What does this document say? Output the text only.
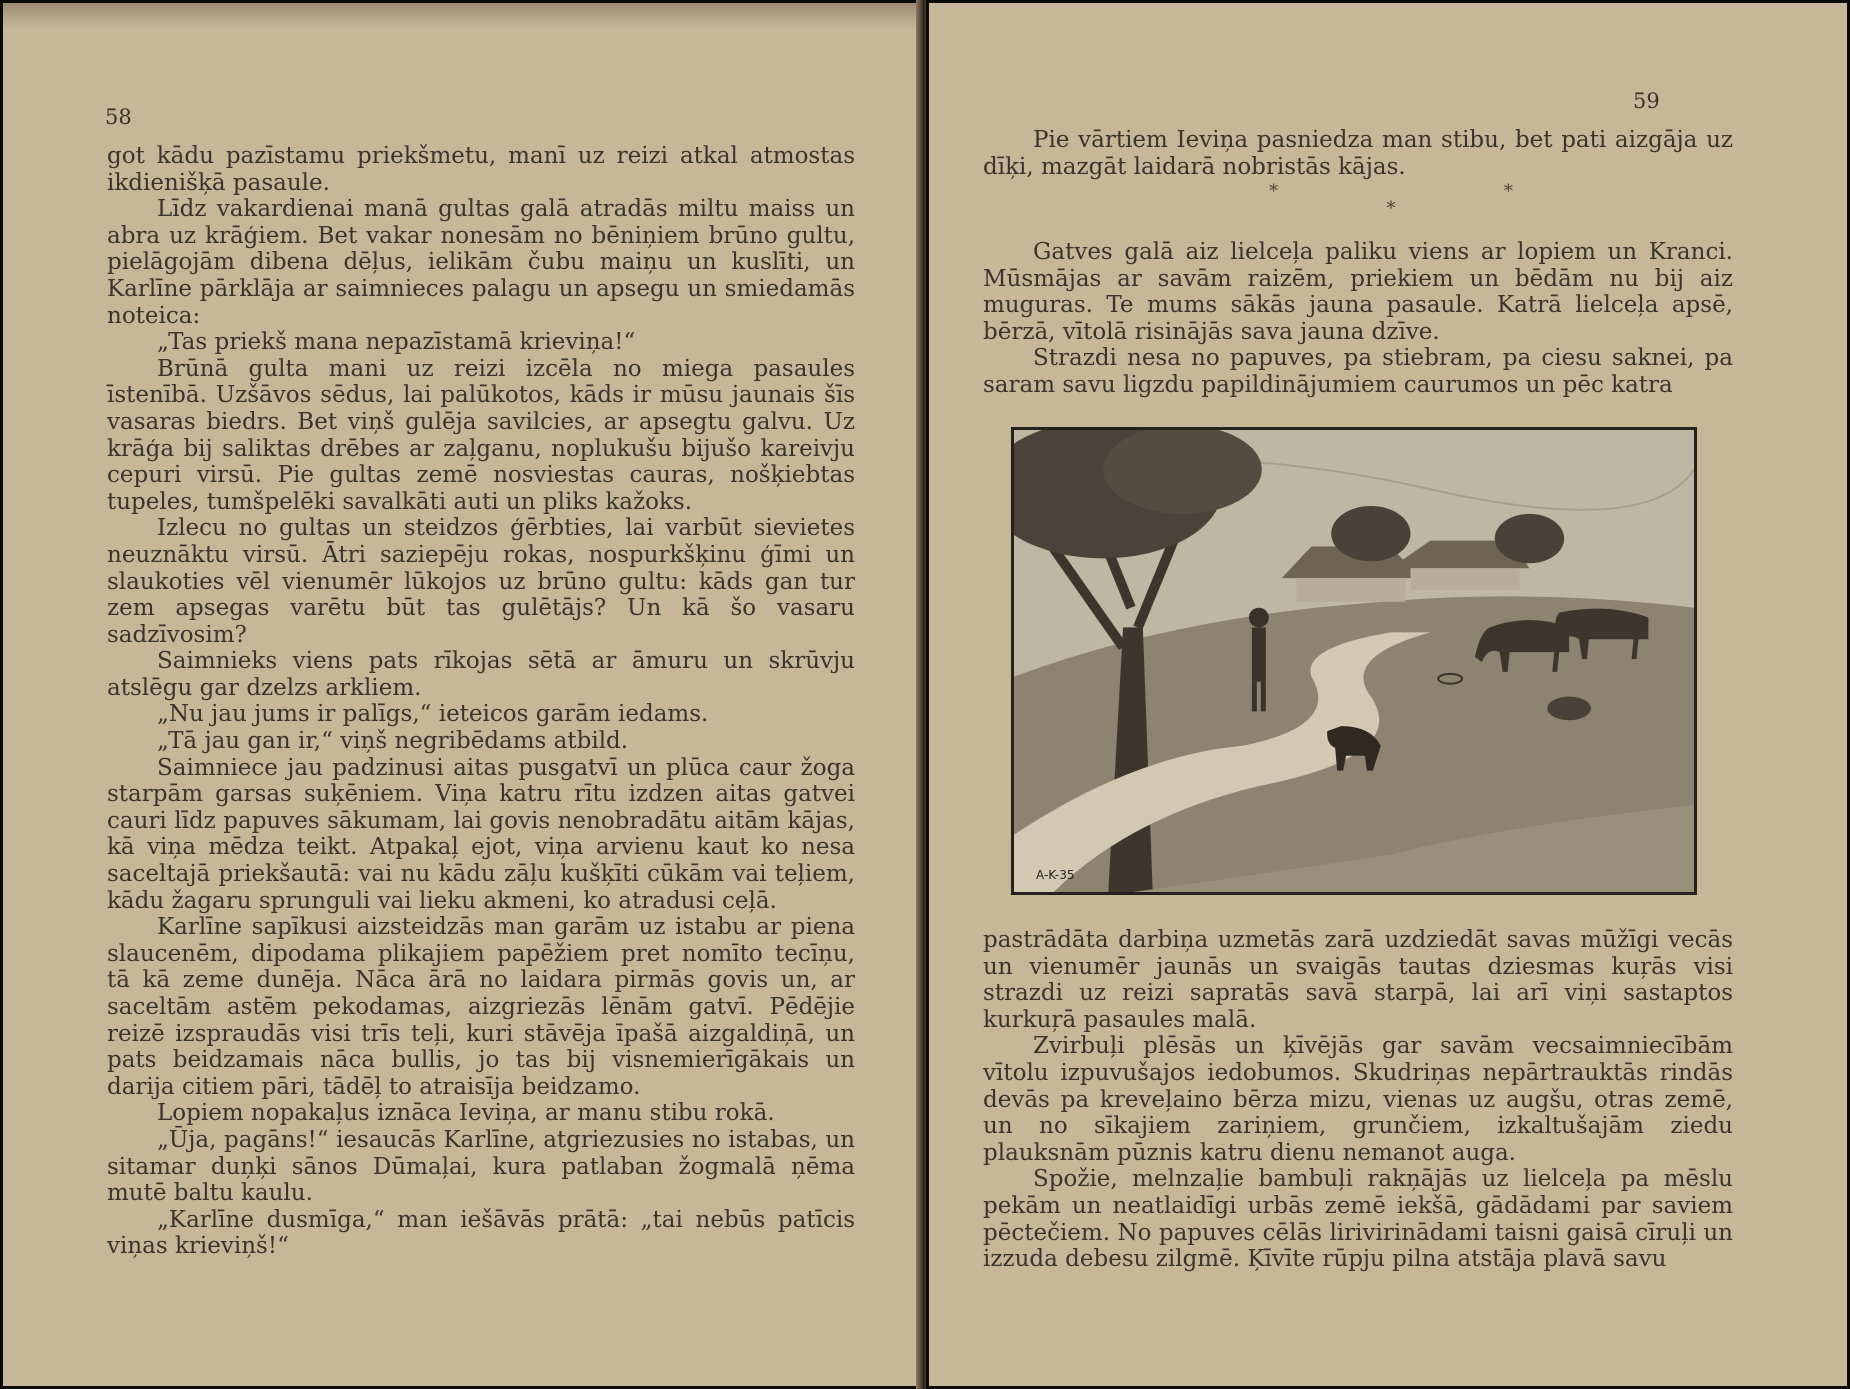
58

got kādu pazīstamu priekšmetu, manī uz reizi atkal atmostas ikdienišķā pasaule.

Līdz vakardienai manā gultas galā atradās miltu maiss un abra uz krāģiem. Bet vakar nonesām no bēniņiem brūno gultu, pielāgojām dibena dēļus, ielikām čubu maiņu un kuslīti, un Karlīne pārklāja ar saimnieces palagu un apsegu un smiedamās noteica:

„Tas priekš mana nepazīstamā krieviņa!“

Brūnā gulta mani uz reizi izcēla no miega pasaules īstenībā. Uzšāvos sēdus, lai palūkotos, kāds ir mūsu jaunais šīs vasaras biedrs. Bet viņš gulēja savilcies, ar apsegtu galvu. Uz krāģa bij saliktas drēbes ar zaļganu, noplukušu bijušo kareivju cepuri virsū. Pie gultas zemē nosviestas cauras, nošķiebtas tupeles, tumšpelēki savalkāti auti un pliks kažoks.

Izlecu no gultas un steidzos ģērbties, lai varbūt sievietes neuznāktu virsū. Ātri saziepēju rokas, nospurkšķinu ģīmi un slaukoties vēl vienumēr lūkojos uz brūno gultu: kāds gan tur zem apsegas varētu būt tas gulētājs? Un kā šo vasaru sadzīvosim?

Saimnieks viens pats rīkojas sētā ar āmuru un skrūvju atslēgu gar dzelzs arkliem.

„Nu jau jums ir palīgs,“ ieteicos garām iedams.

„Tā jau gan ir,“ viņš negribēdams atbild.

Saimniece jau padzinusi aitas pusgatvī un plūca caur žoga starpām garsas suķēniem. Viņa katru rītu izdzen aitas gatvei cauri līdz papuves sākumam, lai govis nenobradātu aitām kājas, kā viņa mēdza teikt. Atpakaļ ejot, viņa arvienu kaut ko nesa saceltajā priekšautā: vai nu kādu zāļu kušķīti cūkām vai teļiem, kādu žagaru sprunguli vai lieku akmeni, ko atradusi ceļā.

Karlīne sapīkusi aizsteidzās man garām uz istabu ar piena slaucenēm, dipodama plikajiem papēžiem pret nomīto tecīņu, tā kā zeme dunēja. Nāca ārā no laidara pirmās govis un, ar saceltām astēm pekodamas, aizgriezās lēnām gatvī. Pēdējie reizē izspraudās visi trīs teļi, kuri stāvēja īpašā aizgaldiņā, un pats beidzamais nāca bullis, jo tas bij visnemierīgākais un dariја citiem pāri, tādēļ to atraisīja beidzamo.

Lopiem nopakaļus iznāca Ieviņa, ar manu stibu rokā.

„Ūja, pagāns!“ iesaucās Karlīne, atgriezusies no istabas, un sitamar duņķi sānos Dūmaļai, kura patlaban žogmalā ņēma mutē baltu kaulu.

„Karlīne dusmīga,“ man iešāvās prātā: „tai nebūs patīcis viņas krieviņš!“

59

Pie vārtiem Ieviņa pasniedza man stibu, bet pati aizgāja uz dīķi, mazgāt laidarā nobristās kājas.

* *
*

Gatves galā aiz lielceļa paliku viens ar lopiem un Kranci. Mūsmājas ar savām raizēm, priekiem un bēdām nu bij aiz muguras. Te mums sākās jauna pasaule. Katrā lielceļa apsē, bērzā, vītolā risinājās sava jauna dzīve.

Strazdi nesa no papuves, pa stiebram, pa ciesu saknei, pa saram savu ligzdu papildinājumiem caurumos un pēc katra

A-K-35

pastrādāta darbiņa uzmetās zarā uzdziedāt savas mūžīgi vecās un vienumēr jaunās un svaigās tautas dziesmas kuŗās visi strazdi uz reizi sapratās savā starpā, lai arī viņi sastaptos kurkuŗā pasaules malā.

Zvirbuļi plēsās un ķīvējās gar savām vecsaimniecībām vītolu izpuvušajos iedobumos. Skudriņas nepārtrauktās rindās devās pa kreveļaino bērza mizu, vienas uz augšu, otras zemē, un no sīkajiem zariņiem, grunčiem, izkaltušajām ziedu plauksnām pūznis katru dienu nemanot auga.

Spožie, melnzaļie bambuļi rakņājās uz lielceļa pa mēslu pekām un neatlaidīgi urbās zemē iekšā, gādādami par saviem pēctečiem. No papuves cēlās lirivirinādami taisni gaisā cīruļi un izzuda debesu zilgmē. Ķīvīte rūpju pilna atstāja plavā savu
